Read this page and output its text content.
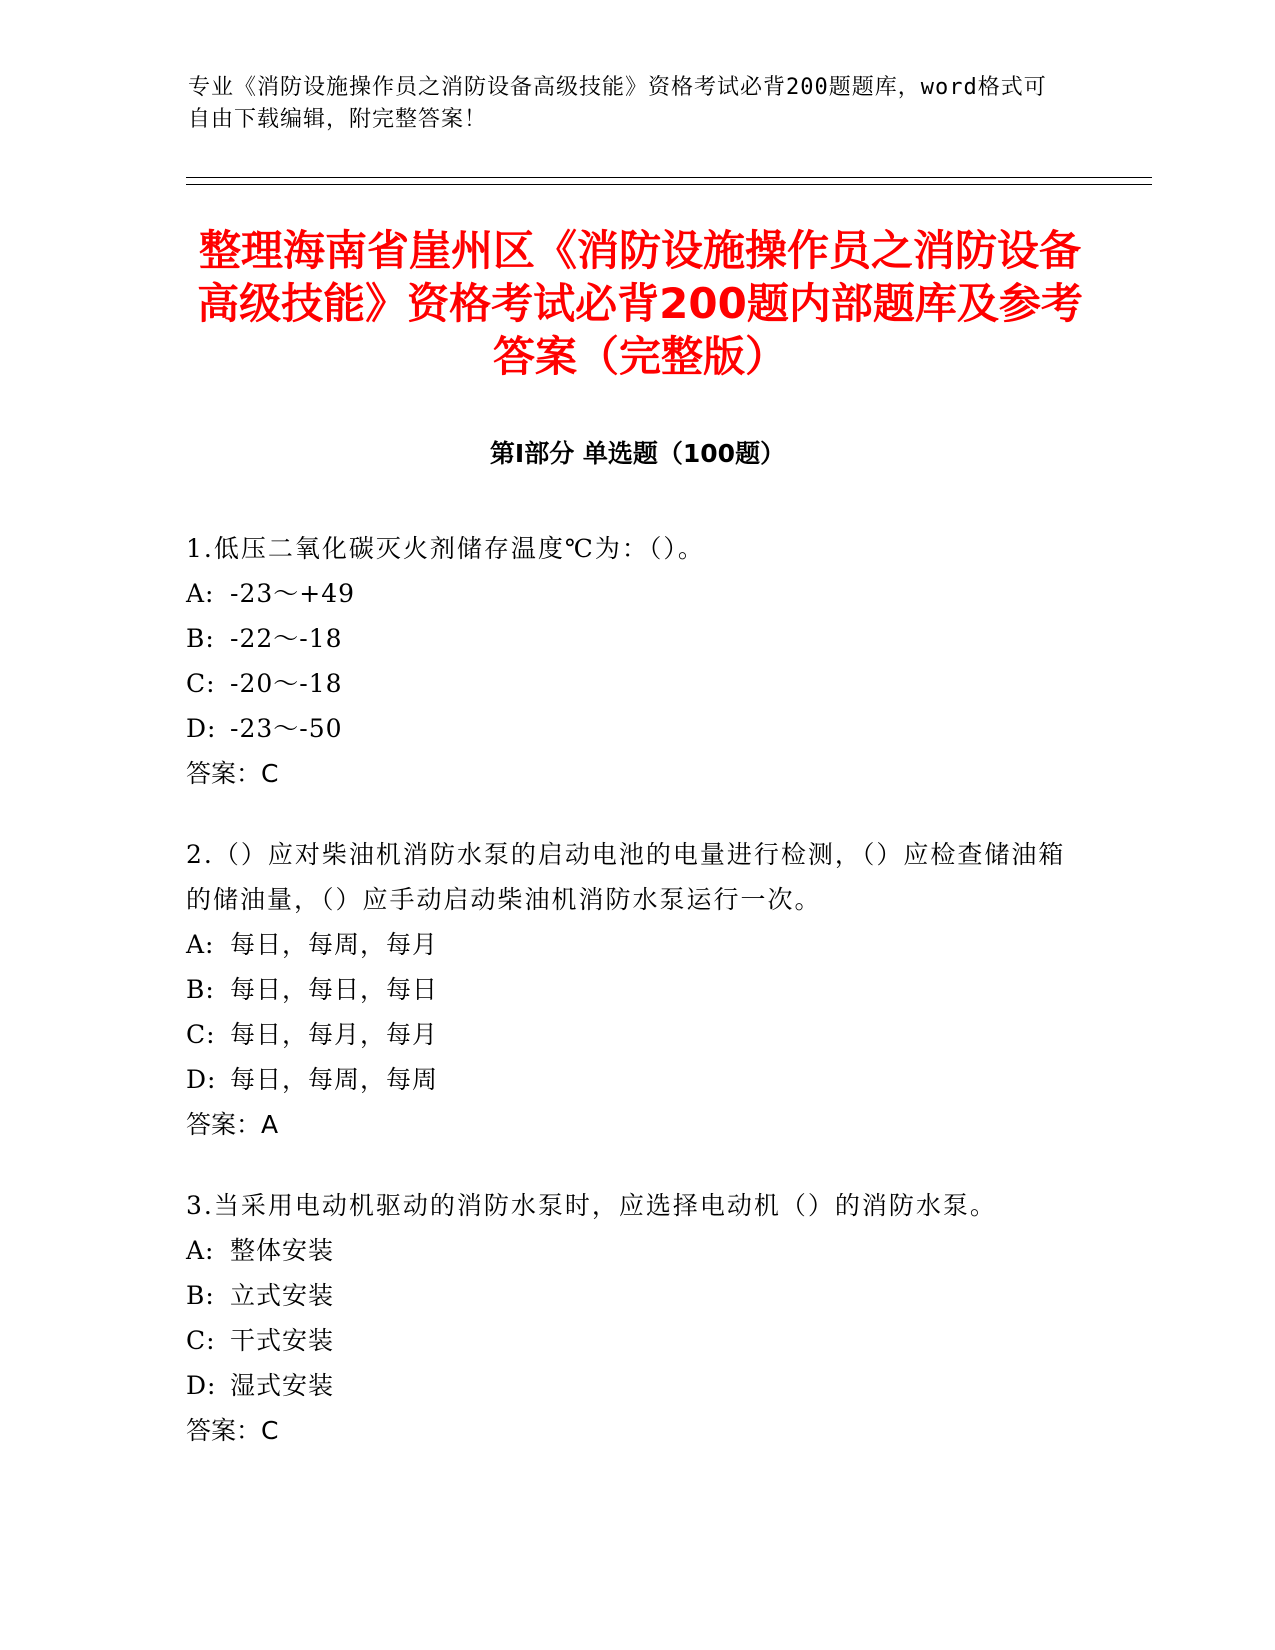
专业《消防设施操作员之消防设备高级技能》资格考试必背200题题库，word格式可自由下载编辑，附完整答案！
整理海南省崖州区《消防设施操作员之消防设备高级技能》资格考试必背200题内部题库及参考答案（完整版）
第Ⅰ部分 单选题（100题）
1.低压二氧化碳灭火剂储存温度℃为：（）。
A: -23～+49
B: -22～-18
C: -20～-18
D: -23～-50
答案：C
2.（）应对柴油机消防水泵的启动电池的电量进行检测，（）应检查储油箱的储油量，（）应手动启动柴油机消防水泵运行一次。
A: 每日，每周，每月
B: 每日，每日，每日
C: 每日，每月，每月
D: 每日，每周，每周
答案：A
3.当采用电动机驱动的消防水泵时，应选择电动机（）的消防水泵。
A: 整体安装
B: 立式安装
C: 干式安装
D: 湿式安装
答案：C
